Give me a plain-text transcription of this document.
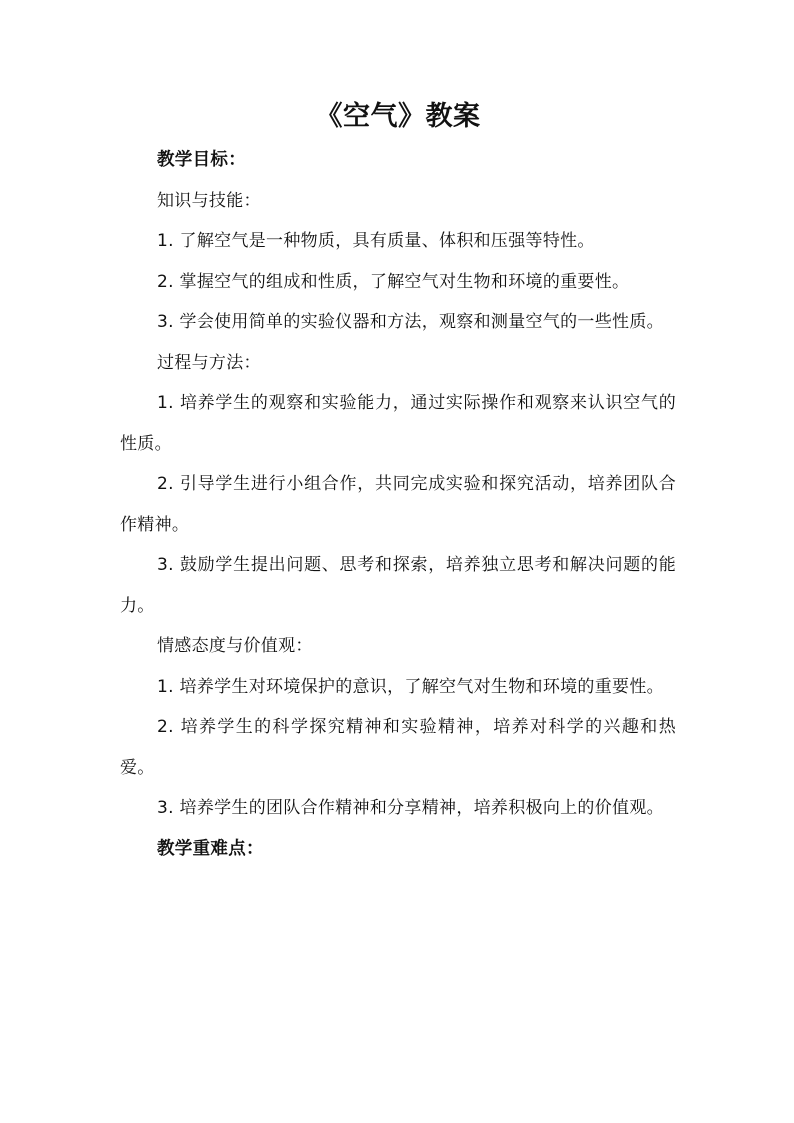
《空气》教案

教学目标：

知识与技能：

1. 了解空气是一种物质，具有质量、体积和压强等特性。

2. 掌握空气的组成和性质，了解空气对生物和环境的重要性。

3. 学会使用简单的实验仪器和方法，观察和测量空气的一些性质。

过程与方法：

1. 培养学生的观察和实验能力，通过实际操作和观察来认识空气的性质。

2. 引导学生进行小组合作，共同完成实验和探究活动，培养团队合作精神。

3. 鼓励学生提出问题、思考和探索，培养独立思考和解决问题的能力。

情感态度与价值观：

1. 培养学生对环境保护的意识，了解空气对生物和环境的重要性。

2. 培养学生的科学探究精神和实验精神，培养对科学的兴趣和热爱。

3. 培养学生的团队合作精神和分享精神，培养积极向上的价值观。

教学重难点：
